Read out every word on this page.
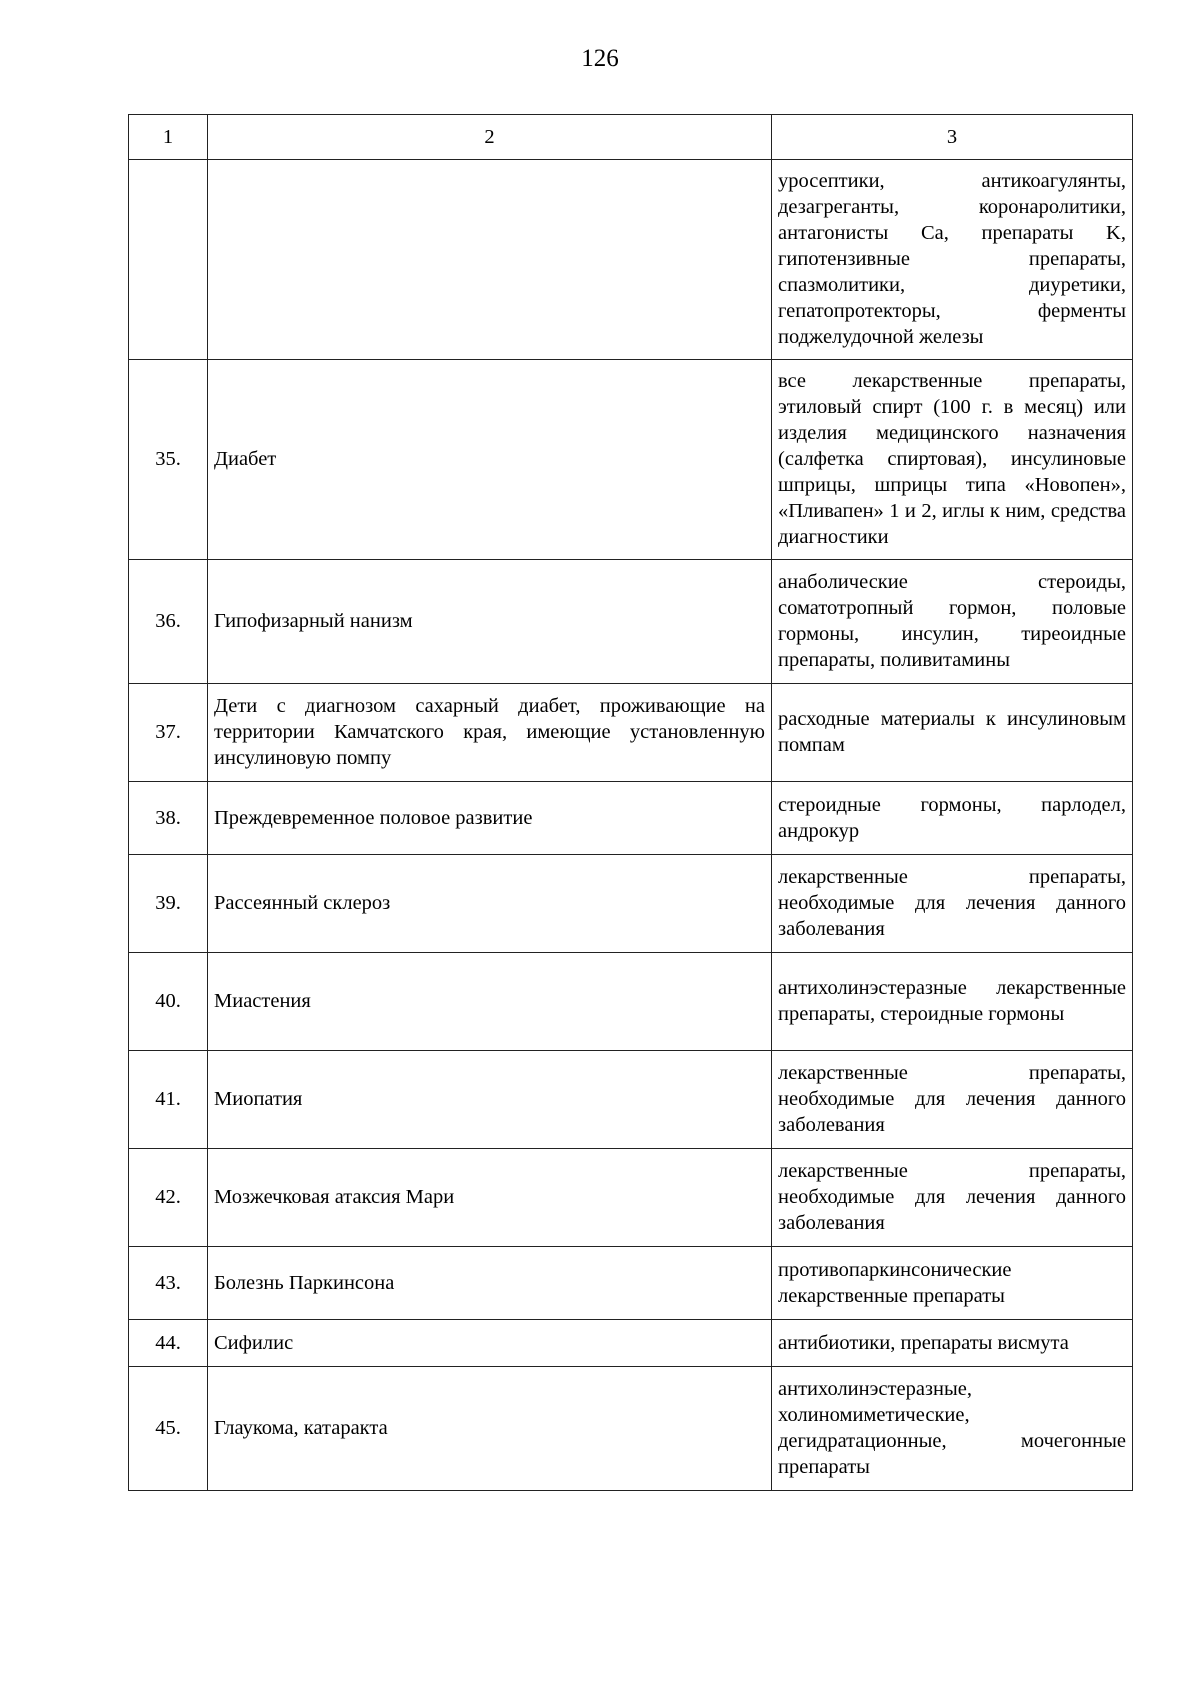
126
1	2	3
		уросептики, антикоагулянты, дезагреганты, коронаролитики, антагонисты Ca, препараты K, гипотензивные препараты, спазмолитики, диуретики, гепатопротекторы, ферменты поджелудочной железы
35.	Диабет	все лекарственные препараты, этиловый спирт (100 г. в месяц) или изделия медицинского назначения (салфетка спиртовая), инсулиновые шприцы, шприцы типа «Новопен», «Пливапен» 1 и 2, иглы к ним, средства диагностики
36.	Гипофизарный нанизм	анаболические стероиды, соматотропный гормон, половые гормоны, инсулин, тиреоидные препараты, поливитамины
37.	Дети с диагнозом сахарный диабет, проживающие на территории Камчатского края, имеющие установленную инсулиновую помпу	расходные материалы к инсулиновым помпам
38.	Преждевременное половое развитие	стероидные гормоны, парлодел, андрокур
39.	Рассеянный склероз	лекарственные препараты, необходимые для лечения данного заболевания
40.	Миастения	антихолинэстеразные лекарственные препараты, стероидные гормоны
41.	Миопатия	лекарственные препараты, необходимые для лечения данного заболевания
42.	Мозжечковая атаксия Мари	лекарственные препараты, необходимые для лечения данного заболевания
43.	Болезнь Паркинсона	противопаркинсонические лекарственные препараты
44.	Сифилис	антибиотики, препараты висмута
45.	Глаукома, катаракта	антихолинэстеразные, холиномиметические, дегидратационные, мочегонные препараты
